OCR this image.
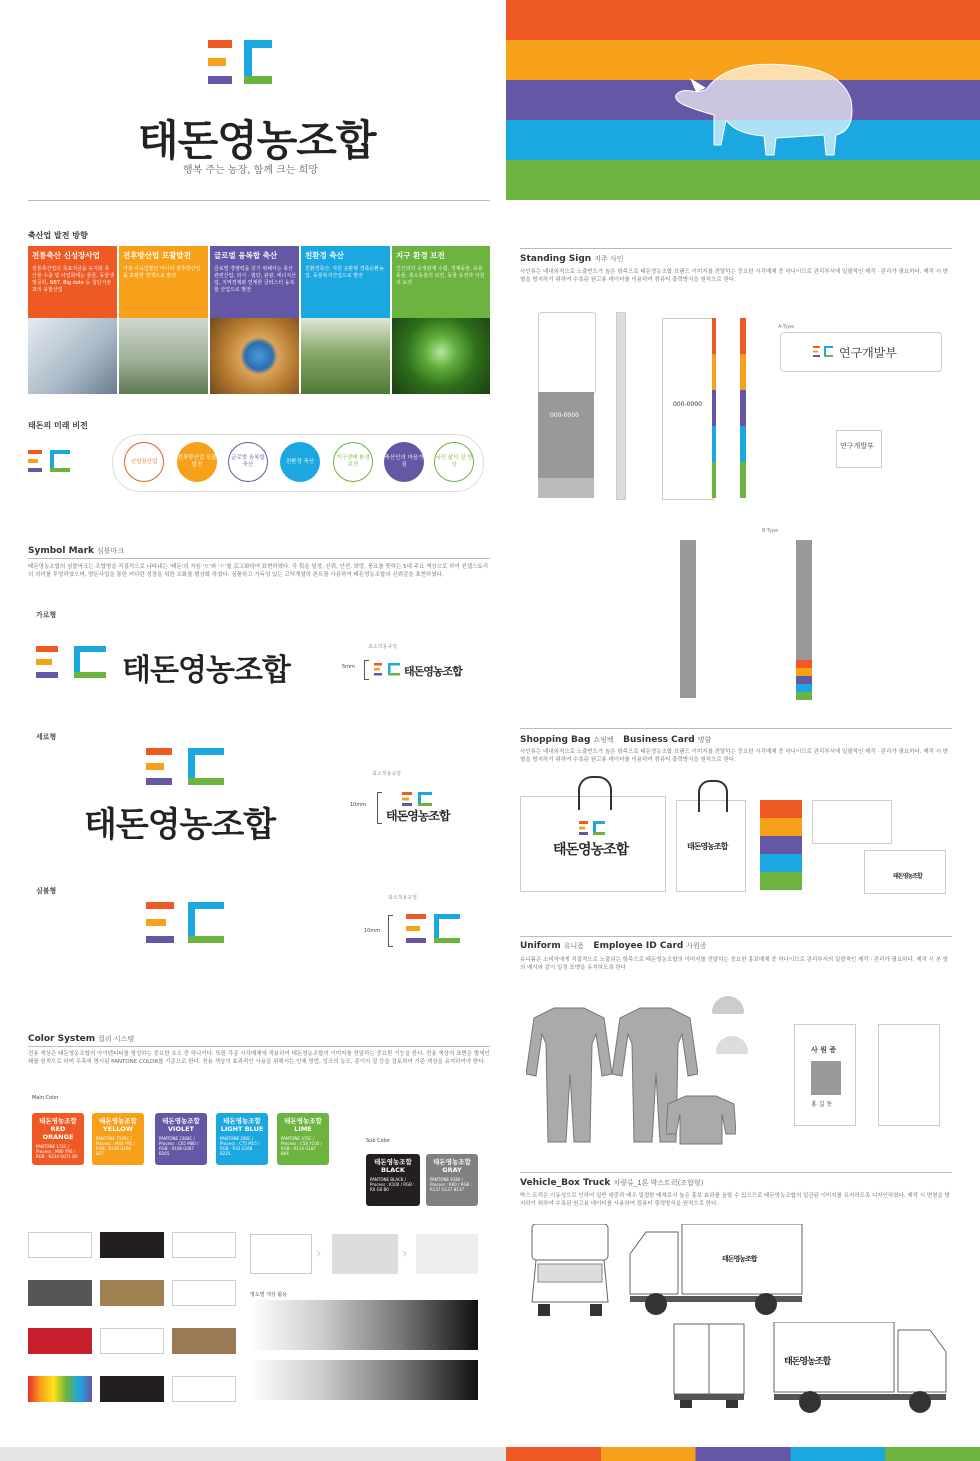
태돈영농조합
행복 주는 농장, 함께 크는 희망
축산업 발전 방향
전통축산 신성장사업
전통축산업의 목표지금을 유지와 축산물 수출 및 사업화에는 물론, 동물생명공학, NBT, Big date 등 첨단기술과의 융합산업
전후방산업 포괄발전
가축 사육업뿐만 아니라 전후방산업을 포괄한 정책으로 발전
글로벌 융복합 축산
글로벌 경쟁력을 갖기 위해서는 축산 관련산업, 외식 · 협단, 관광, 에너지산업, 지역경제와 연계한 클러스터 융복합 산업으로 발전
친환경 축산
친환경축산, 자원 순환형 경축순환농업, 동물복지산업으로 발전
지구 환경 보전
인간과의 공생관계 수립, 경제동물, 유용동물, 희소동물의 보전, 동물 유전자 자원의 보전
태돈의 미래 비전
신성장산업
전후방산업 포괄발전
글로벌 융복합축산
친환경 축산
지구생태 환경보전
축산인의 마음가짐
국민 삶의 질 향상
Symbol Mark 심볼마크
태돈영농조합의 심볼마크는 조합명을 직접적으로 나타내는 '태돈'의 자음 'ㅌ'와 'ㄷ'를 로고화하여 표현하였다. 각 획을 열정, 신뢰, 안전, 희망, 풍요를 뜻하는 5대 주요 색상으로 하여 컨셉스토리의 의미를 투영하였으며, 양돈사업을 통한 커다란 성장을 위한 조화를 형상화 하였다. 심플하고 가독성 있는 고딕계열의 폰트를 사용하여 태돈영농조합의 신뢰감을 표현하였다.
가로형
태돈영농조합
최소적용규정
5mm	태돈영농조합
세로형
태돈영농조합
최소적용규정
10mm
태돈영농조합
심볼형
최소적용규정
10mm
Color System 컬러 시스템
전용 색상은 태돈영농조합의 아이덴티티를 형성하는 중요한 요소 중 하나이다. 또한 각종 시각매체에 적용하여 태돈영농조합의 이미지를 전달하는 중요한 기능을 한다. 전용 색상의 표현은 별색인쇄를 원칙으로 하며 우측에 명시된 PANTONE COLOR를 기준으로 한다. 전용 색상의 효과적인 사용을 위해서는 인쇄 방법, 잉크의 농도, 종이의 질 등을 검토하여 기준 색상을 유지하여야 한다.
Main Color
태돈영농조합
RED ORANGE
PANTONE 172C / Process : M80 Y90 / RGB : R234 G071 B0
태돈영농조합
YELLOW
PANTONE 7549C / Process : M43 Y95 / RGB : R248 G160 B27
태돈영농조합
VIOLET
PANTONE 2368C / Process : C65 M80 / RGB : R108 G087 B165
태돈영농조합
LIGHT BLUE
PANTONE 298C / Process : C75 M15 / RGB : R32 G168 B225
태돈영농조합
LIME
PANTONE 376C / Process : C58 Y100 / RGB : R114 G187 B64
Sub Color
태돈영농조합
BLACK
PANTONE BLACK / Process : K100 / RGB : R0 G0 B0
태돈영농조합
GRAY
PANTONE 9180 / Process : K60 / RGB : R137 G137 B137
›	›
명도별 색상 활용
Standing Sign 지주 사인
사인류는 대내외적으로 노출빈도가 높은 항목으로 태돈영농조합 브랜드 이미지를 전달하는 중요한 시각매체 중 하나이므로 관리부서에 일괄적인 제작 · 관리가 필요하다. 제작 시 변형을 방지하기 위하여 수록된 원고용 데이터를 이용하여 컴퓨터 출력방식을 원칙으로 한다.
000-0000
000-0000
A-Type
연구개발부
연구개발부
B-Type
Shopping Bag 쇼핑백 Business Card 명함
사인류는 대내외적으로 노출빈도가 높은 항목으로 태돈영농조합 브랜드 이미지를 전달하는 중요한 시각매체 중 하나이므로 관리부서에 일괄적인 제작 · 관리가 필요하다. 제작 시 변형을 방지하기 위하여 수록된 원고용 데이터를 이용하여 컴퓨터 출력방식을 원칙으로 한다.
태돈영농조합	태돈영농조합
태돈영농조합
Uniform 유니폼 Employee ID Card 사원증
유니폼은 소비자에게 직접적으로 노출되는 항목으로 태돈영농조합의 이미지를 전달하는 중요한 홍보매체 중 하나이므로 관리부서의 일괄적인 제작 · 관리가 필요하다. 제작 시 본 항의 예시와 같이 일정 포맷을 유지하도록 한다
사 원 증
홍 길 동
Vehicle_Box Truck 차량류_1톤 박스트럭(조합형)
박스 트럭은 이동성으로 인하여 일반 대중과 매우 밀접한 매체로서 높은 홍보 효과를 올릴 수 있으므로 태돈영농조합의 일관된 이미지를 유지하도록 디자인하였다. 제작 시 변형을 방지하기 위하여 수록된 원고용 데이터를 사용하여 컴퓨터 출력방식을 원칙으로 한다.
태돈영농조합
태돈영농조합
